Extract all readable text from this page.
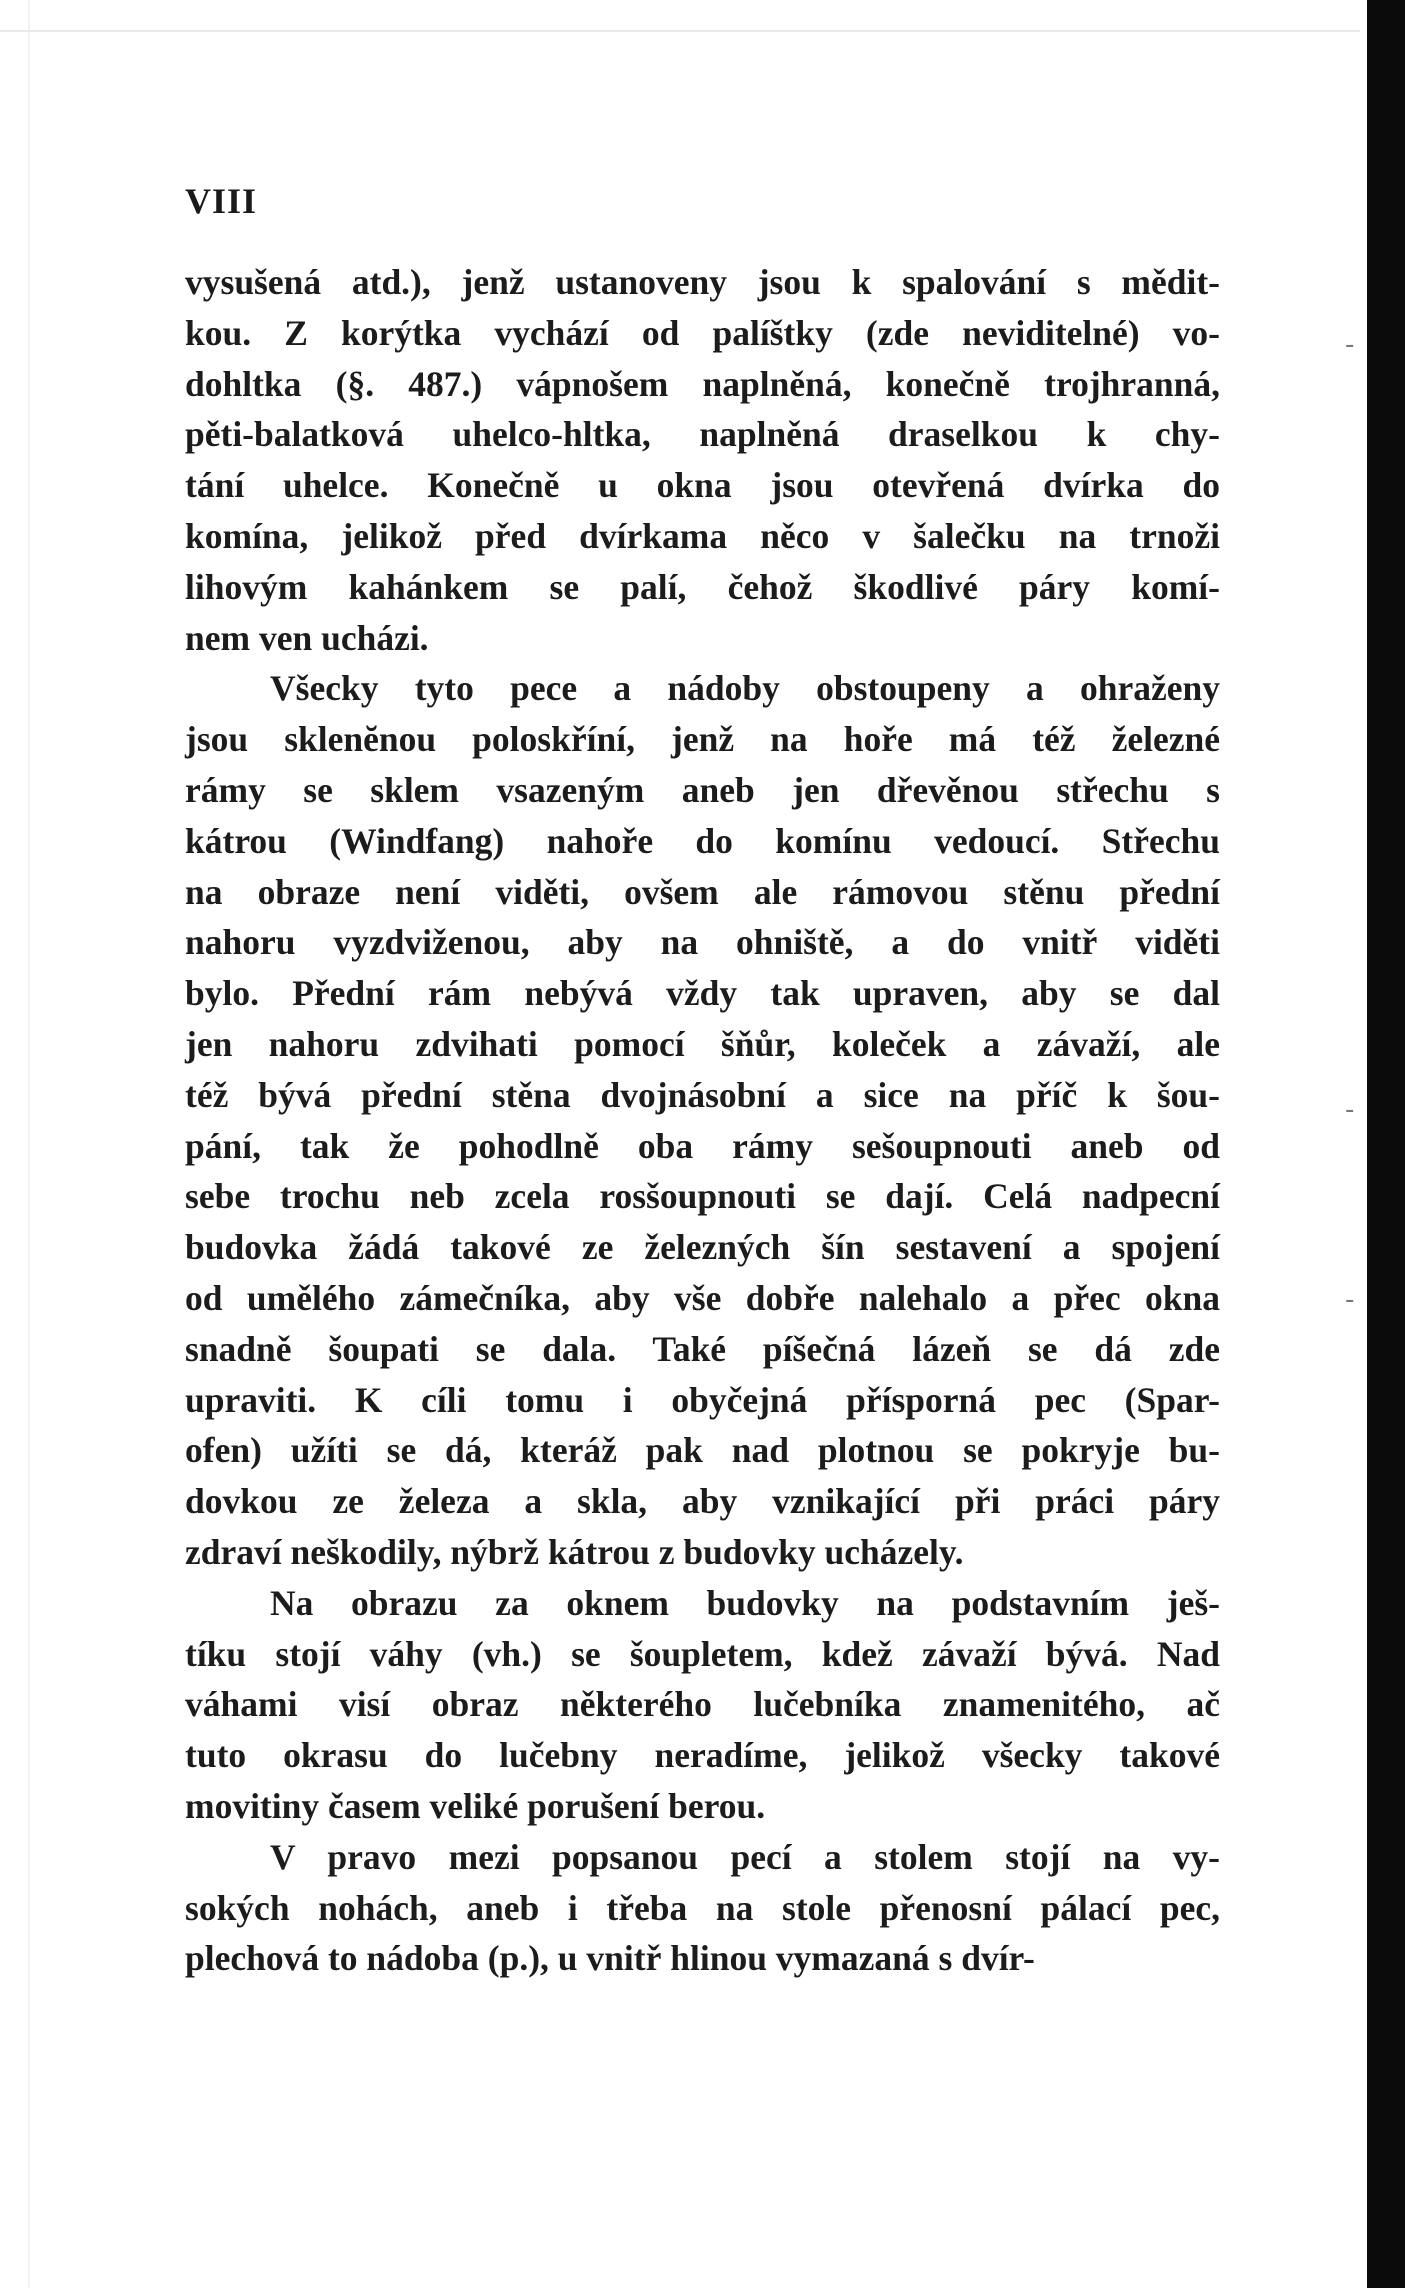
VIII
vysušená atd.), jenž ustanoveny jsou k spalování s mědit-
kou. Z korýtka vychází od palíštky (zde neviditelné) vo-
dohltka (§. 487.) vápnošem naplněná, konečně trojhranná,
pěti-balatková uhelco-hltka, naplněná draselkou k chy-
tání uhelce. Konečně u okna jsou otevřená dvírka do
komína, jelikož před dvírkama něco v šalečku na trnoži
lihovým kahánkem se palí, čehož škodlivé páry komí-
nem ven ucházi.
Všecky tyto pece a nádoby obstoupeny a ohraženy
jsou sklenĕnou poloskříní, jenž na hoře má též železné
rámy se sklem vsazeným aneb jen dřevěnou střechu s
kátrou (Windfang) nahoře do komínu vedoucí. Střechu
na obraze není viděti, ovšem ale rámovou stěnu přední
nahoru vyzdviženou, aby na ohniště, a do vnitř viděti
bylo. Přední rám nebývá vždy tak upraven, aby se dal
jen nahoru zdvihati pomocí šňůr, koleček a závaží, ale
též bývá přední stěna dvojnásobní a sice na příč k šou-
pání, tak že pohodlně oba rámy sešoupnouti aneb od
sebe trochu neb zcela rosšoupnouti se dají. Celá nadpecní
budovka žádá takové ze železných šín sestavení a spojení
od umělého zámečníka, aby vše dobře nalehalo a přec okna
snadně šoupati se dala. Také píšečná lázeň se dá zde
upraviti. K cíli tomu i obyčejná přísporná pec (Spar-
ofen) užíti se dá, kteráž pak nad plotnou se pokryje bu-
dovkou ze železa a skla, aby vznikající při práci páry
zdraví neškodily, nýbrž kátrou z budovky ucházely.
Na obrazu za oknem budovky na podstavním ješ-
tíku stojí váhy (vh.) se šoupletem, kdež závaží bývá. Nad
váhami visí obraz některého lučebníka znamenitého, ač
tuto okrasu do lučebny neradíme, jelikož všecky takové
movitiny časem veliké porušení berou.
V pravo mezi popsanou pecí a stolem stojí na vy-
sokých nohách, aneb i třeba na stole přenosní pálací pec,
plechová to nádoba (p.), u vnitř hlinou vymazaná s dvír-
-
-
-
